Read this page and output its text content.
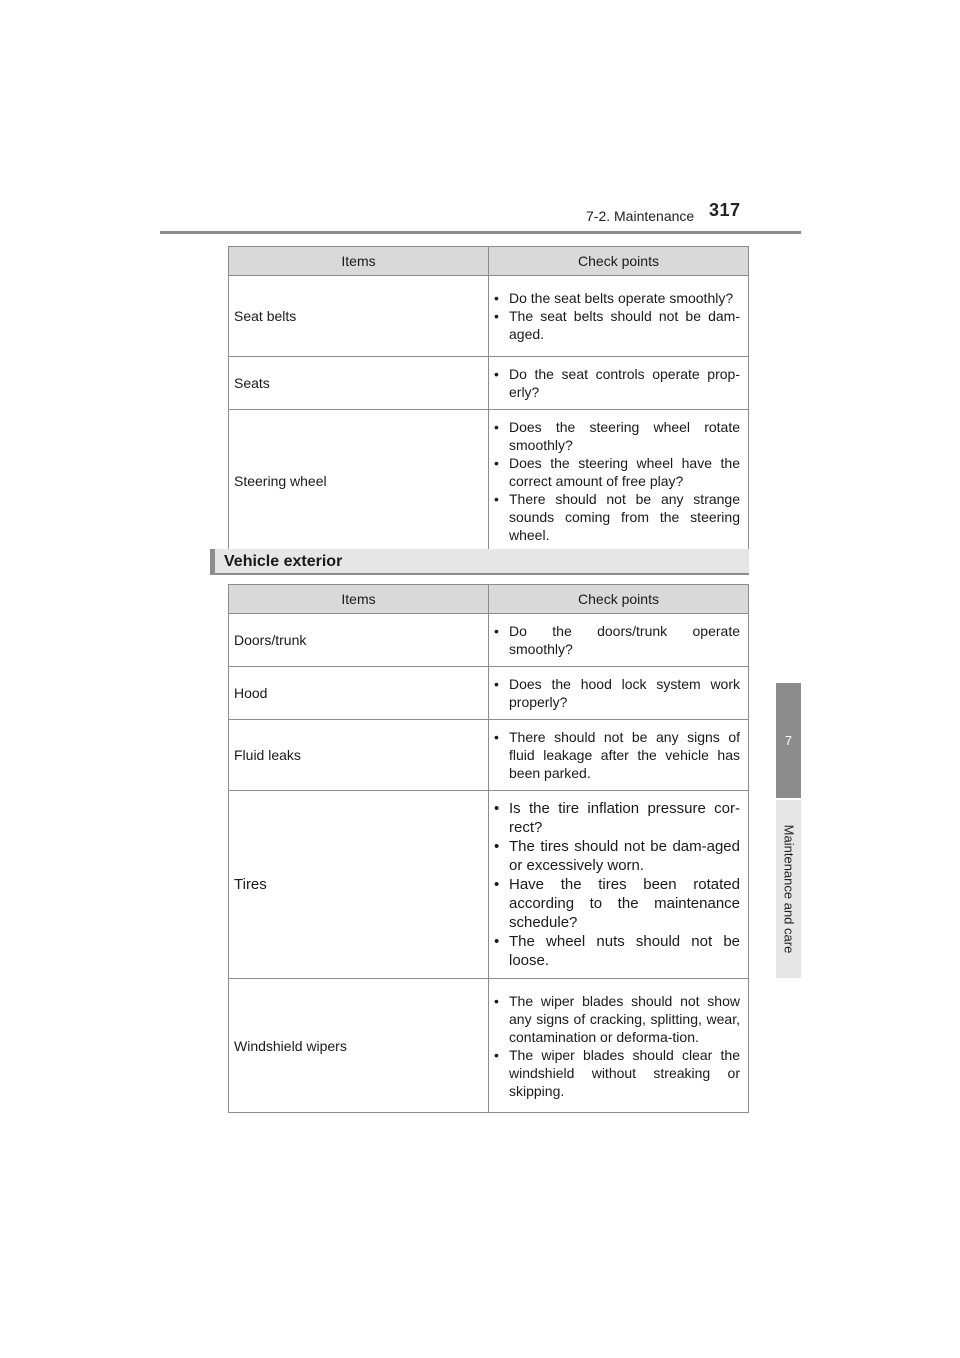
7-2. Maintenance 317
7
Maintenance and care
Items	Check points
Seat belts	• Do the seat belts operate smoothly?
• The seat belts should not be dam-aged.

Seats	• Do the seat controls operate prop-erly?

Steering wheel	• Does the steering wheel rotate smoothly?
• Does the steering wheel have the correct amount of free play?
• There should not be any strange sounds coming from the steering wheel.
Vehicle exterior
Items	Check points
Doors/trunk	• Do the doors/trunk operate smoothly?

Hood	• Does the hood lock system work properly?

Fluid leaks	• There should not be any signs of fluid leakage after the vehicle has been parked.

Tires	• Is the tire inflation pressure cor-rect?
• The tires should not be dam-aged or excessively worn.
• Have the tires been rotated according to the maintenance schedule?
• The wheel nuts should not be loose.

Windshield wipers	• The wiper blades should not show any signs of cracking, splitting, wear, contamination or deforma-tion.
• The wiper blades should clear the windshield without streaking or skipping.
